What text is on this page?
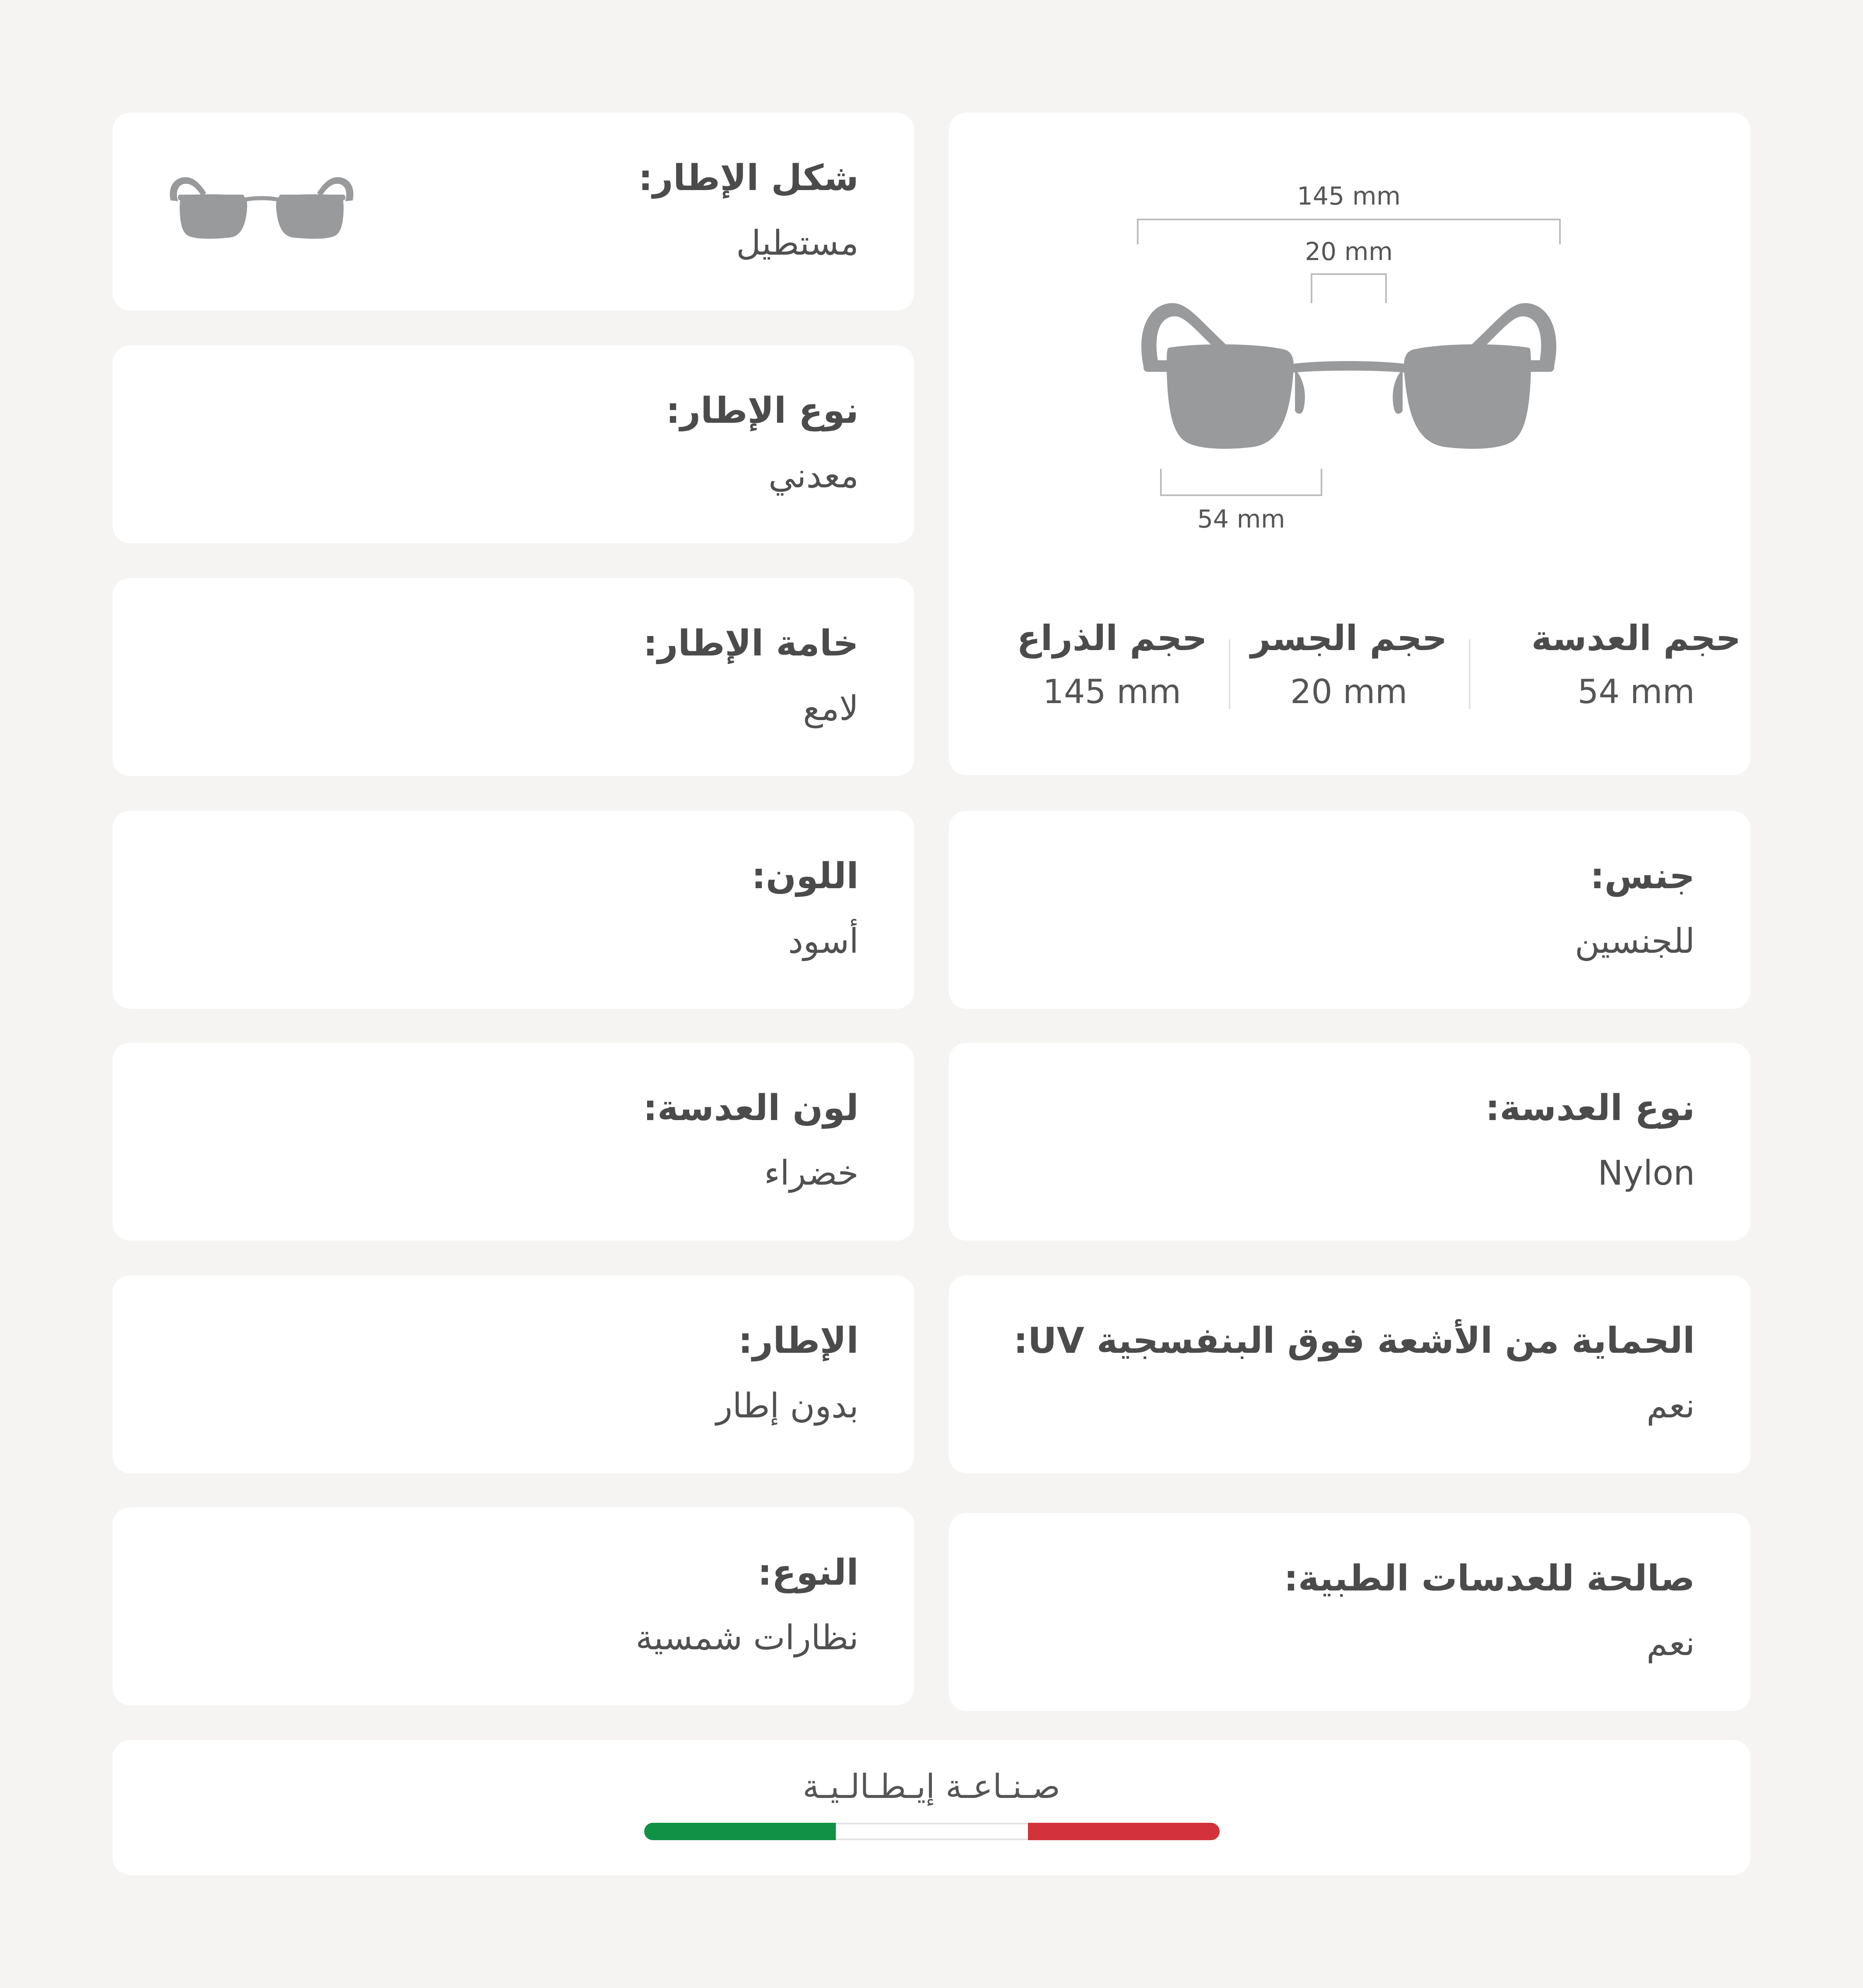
145 mm
20 mm
54 mm
حجم العدسة
54 mm
حجم الجسر
20 mm
حجم الذراع
145 mm
شكل الإطار:
مستطيل
نوع الإطار:
معدني
خامة الإطار:
لامع
اللون:
أسود
لون العدسة:
خضراء
الإطار:
بدون إطار
النوع:
نظارات شمسية
جنس:
للجنسين
نوع العدسة:
Nylon
الحماية من الأشعة فوق البنفسجية UV:
نعم
صالحة للعدسات الطبية:
نعم
صـنـاعـة إيـطـالـيـة
